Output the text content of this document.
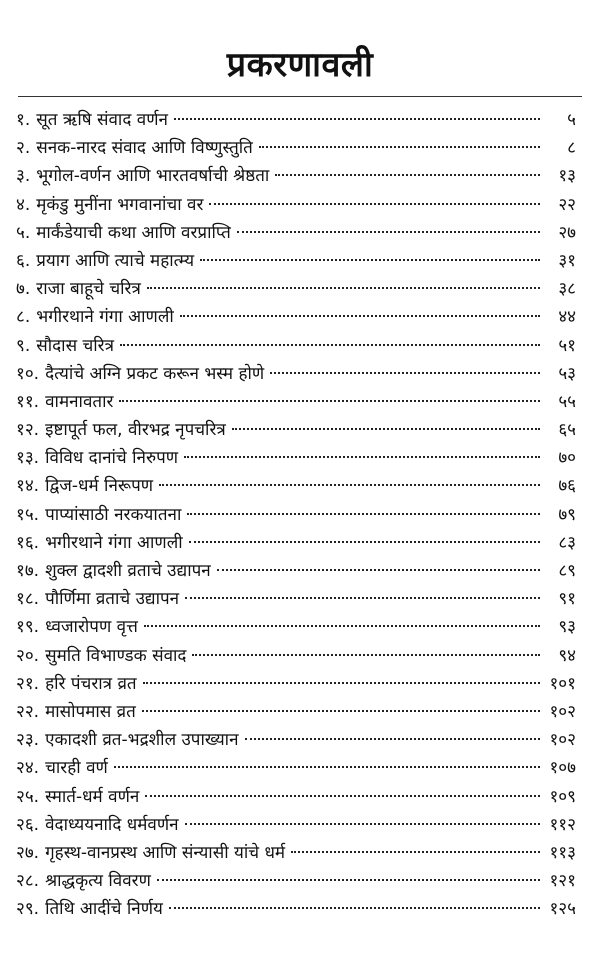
प्रकरणावली
१. सूत ऋषि संवाद वर्णन	५
२. सनक-नारद संवाद आणि विष्णुस्तुति	८
३. भूगोल-वर्णन आणि भारतवर्षाची श्रेष्ठता	१३
४. मृकंडु मुनींना भगवानांचा वर	२२
५. मार्कंडेयाची कथा आणि वरप्राप्ति	२७
६. प्रयाग आणि त्याचे महात्म्य	३१
७. राजा बाहूचे चरित्र	३८
८. भगीरथाने गंगा आणली	४४
९. सौदास चरित्र	५१
१०. दैत्यांचे अग्नि प्रकट करून भस्म होणे	५३
११. वामनावतार	५५
१२. इष्टापूर्त फल, वीरभद्र नृपचरित्र	६५
१३. विविध दानांचे निरुपण	७०
१४. द्विज-धर्म निरूपण	७६
१५. पाप्यांसाठी नरकयातना	७९
१६. भगीरथाने गंगा आणली	८३
१७. शुक्ल द्वादशी व्रताचे उद्यापन	८९
१८. पौर्णिमा व्रताचे उद्यापन	९१
१९. ध्वजारोपण वृत्त	९३
२०. सुमति विभाण्डक संवाद	९४
२१. हरि पंचरात्र व्रत	१०१
२२. मासोपमास व्रत	१०२
२३. एकादशी व्रत-भद्रशील उपाख्यान	१०२
२४. चारही वर्ण	१०७
२५. स्मार्त-धर्म वर्णन	१०९
२६. वेदाध्ययनादि धर्मवर्णन	११२
२७. गृहस्थ-वानप्रस्थ आणि संन्यासी यांचे धर्म	११३
२८. श्राद्धकृत्य विवरण	१२१
२९. तिथि आदींचे निर्णय	१२५
